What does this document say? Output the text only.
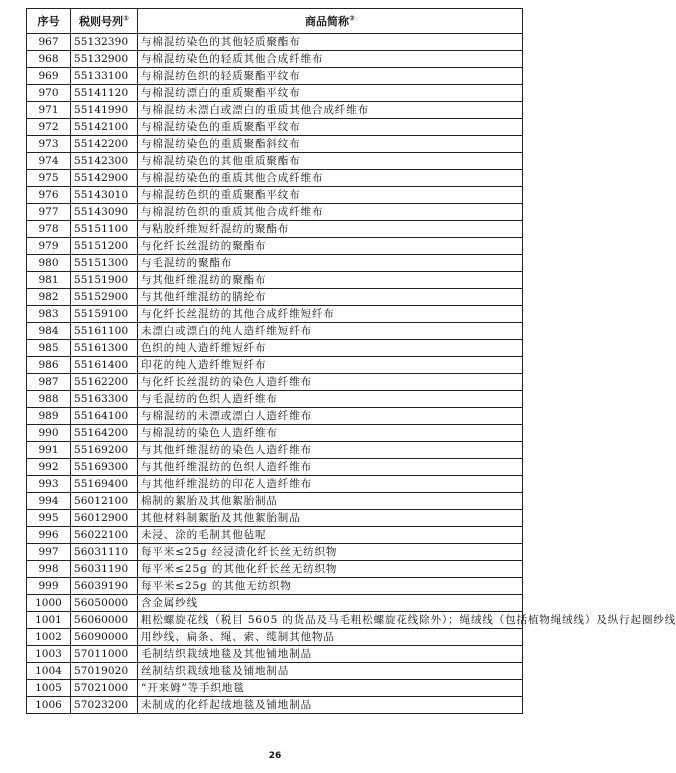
序号	税则号列①	商品简称②
967	55132390	与棉混纺染色的其他轻质聚酯布
968	55132900	与棉混纺染色的轻质其他合成纤维布
969	55133100	与棉混纺色织的轻质聚酯平纹布
970	55141120	与棉混纺漂白的重质聚酯平纹布
971	55141990	与棉混纺未漂白或漂白的重质其他合成纤维布
972	55142100	与棉混纺染色的重质聚酯平纹布
973	55142200	与棉混纺染色的重质聚酯斜纹布
974	55142300	与棉混纺染色的其他重质聚酯布
975	55142900	与棉混纺染色的重质其他合成纤维布
976	55143010	与棉混纺色织的重质聚酯平纹布
977	55143090	与棉混纺色织的重质其他合成纤维布
978	55151100	与粘胶纤维短纤混纺的聚酯布
979	55151200	与化纤长丝混纺的聚酯布
980	55151300	与毛混纺的聚酯布
981	55151900	与其他纤维混纺的聚酯布
982	55152900	与其他纤维混纺的腈纶布
983	55159100	与化纤长丝混纺的其他合成纤维短纤布
984	55161100	未漂白或漂白的纯人造纤维短纤布
985	55161300	色织的纯人造纤维短纤布
986	55161400	印花的纯人造纤维短纤布
987	55162200	与化纤长丝混纺的染色人造纤维布
988	55163300	与毛混纺的色织人造纤维布
989	55164100	与棉混纺的未漂或漂白人造纤维布
990	55164200	与棉混纺的染色人造纤维布
991	55169200	与其他纤维混纺的染色人造纤维布
992	55169300	与其他纤维混纺的色织人造纤维布
993	55169400	与其他纤维混纺的印花人造纤维布
994	56012100	棉制的絮胎及其他絮胎制品
995	56012900	其他材料制絮胎及其他絮胎制品
996	56022100	未浸、涂的毛制其他毡呢
997	56031110	每平米≤25g 经浸渍化纤长丝无纺织物
998	56031190	每平米≤25g 的其他化纤长丝无纺织物
999	56039190	每平米≤25g 的其他无纺织物
1000	56050000	含金属纱线
1001	56060000	粗松螺旋花线（税目 5605 的货品及马毛粗松螺旋花线除外）；绳绒线（包括植物绳绒线）及纵行起圈纱线
1002	56090000	用纱线、扁条、绳、索、缆制其他物品
1003	57011000	毛制结织栽绒地毯及其他铺地制品
1004	57019020	丝制结织栽绒地毯及铺地制品
1005	57021000	“开来姆”等手织地毯
1006	57023200	未制成的化纤起绒地毯及铺地制品
26
